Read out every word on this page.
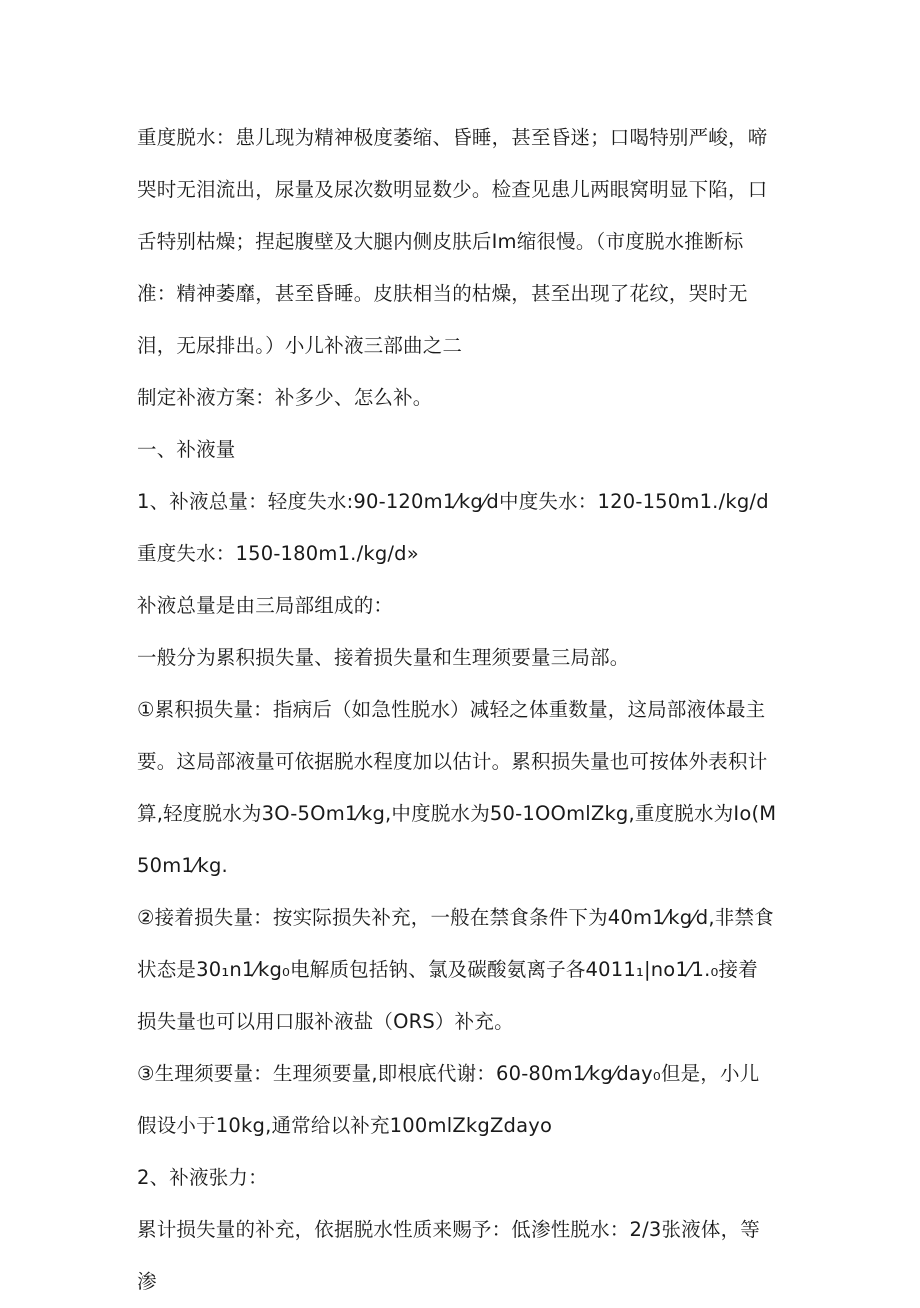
重度脱水：患儿现为精神极度萎缩、昏睡，甚至昏迷；口喝特别严峻，啼哭时无泪流出，尿量及尿次数明显数少。检查见患儿两眼窝明显下陷，口舌特别枯燥；捏起腹壁及大腿内侧皮肤后Im缩很慢。（市度脱水推断标准：精神萎靡，甚至昏睡。皮肤相当的枯燥，甚至出现了花纹，哭时无泪，无尿排出。）小儿补液三部曲之二

制定补液方案：补多少、怎么补。

一、补液量

1、补液总量：轻度失水:90-120m1⁄kg⁄d中度失水：120-150m1./kg/d重度失水：150-180m1./kg/d»

补液总量是由三局部组成的：

一般分为累积损失量、接着损失量和生理须要量三局部。

①累积损失量：指病后（如急性脱水）减轻之体重数量，这局部液体最主要。这局部液量可依据脱水程度加以估计。累积损失量也可按体外表积计算,轻度脱水为3O-5Om1⁄kg,中度脱水为50-1OOmlZkg,重度脱水为Io(M50m1⁄kg.

②接着损失量：按实际损失补充，一般在禁食条件下为40m1⁄kg⁄d,非禁食状态是30₁n1⁄kg₀电解质包括钠、氯及碳酸氨离子各4011₁|no1⁄1.₀接着损失量也可以用口服补液盐（ORS）补充。

③生理须要量：生理须要量,即根底代谢：60-80m1⁄kg⁄day₀但是，小儿假设小于10kg,通常给以补充100mlZkgZdayo

2、补液张力：

累计损失量的补充，依据脱水性质来赐予：低渗性脱水：2/3张液体，等渗
